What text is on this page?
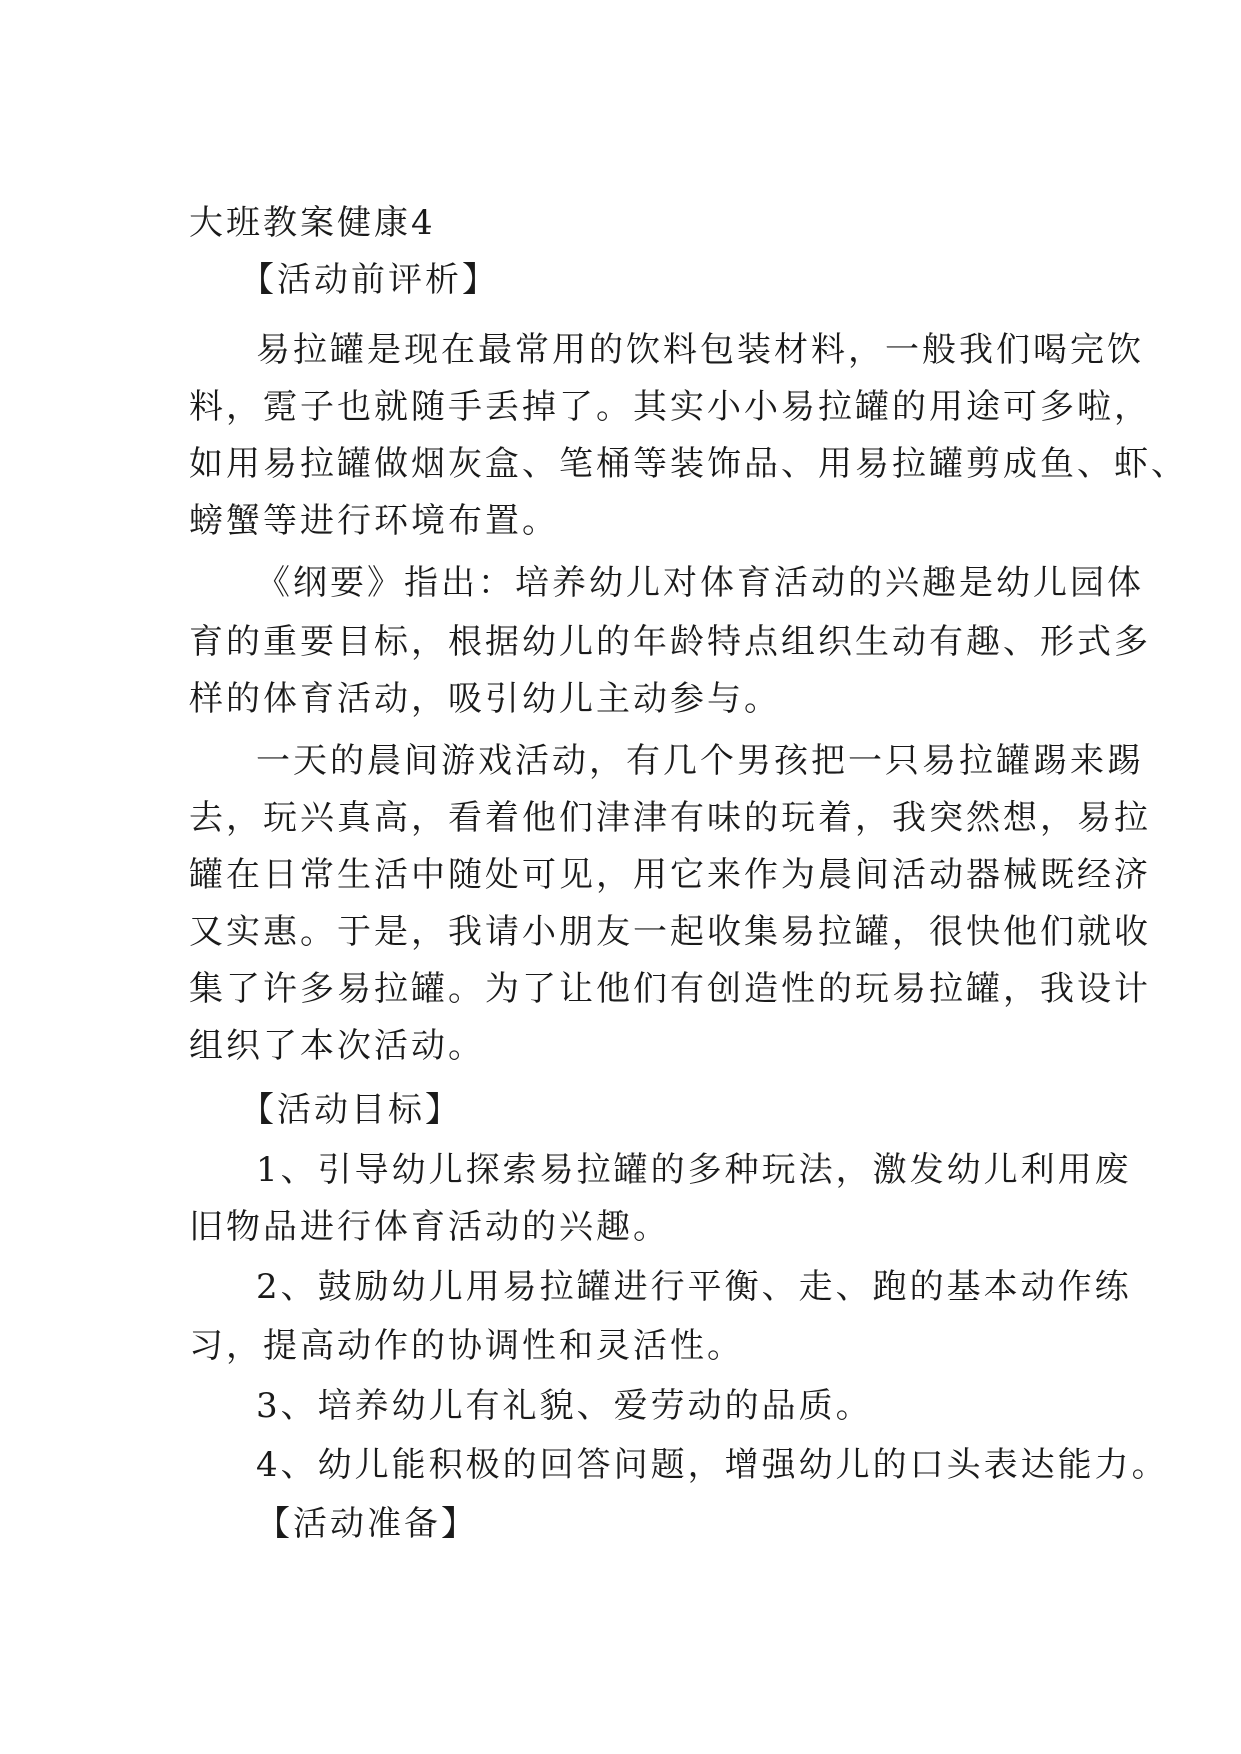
大班教案健康4
【活动前评析】
易拉罐是现在最常用的饮料包装材料，一般我们喝完饮
料，霓子也就随手丢掉了。其实小小易拉罐的用途可多啦，
如用易拉罐做烟灰盒、笔桶等装饰品、用易拉罐剪成鱼、虾、
螃蟹等进行环境布置。
《纲要》指出：培养幼儿对体育活动的兴趣是幼儿园体
育的重要目标，根据幼儿的年龄特点组织生动有趣、形式多
样的体育活动，吸引幼儿主动参与。
一天的晨间游戏活动，有几个男孩把一只易拉罐踢来踢
去，玩兴真高，看着他们津津有味的玩着，我突然想，易拉
罐在日常生活中随处可见，用它来作为晨间活动器械既经济
又实惠。于是，我请小朋友一起收集易拉罐，很快他们就收
集了许多易拉罐。为了让他们有创造性的玩易拉罐，我设计
组织了本次活动。
【活动目标】
1、引导幼儿探索易拉罐的多种玩法，激发幼儿利用废
旧物品进行体育活动的兴趣。
2、鼓励幼儿用易拉罐进行平衡、走、跑的基本动作练
习，提高动作的协调性和灵活性。
3、培养幼儿有礼貌、爱劳动的品质。
4、幼儿能积极的回答问题，增强幼儿的口头表达能力。
【活动准备】
